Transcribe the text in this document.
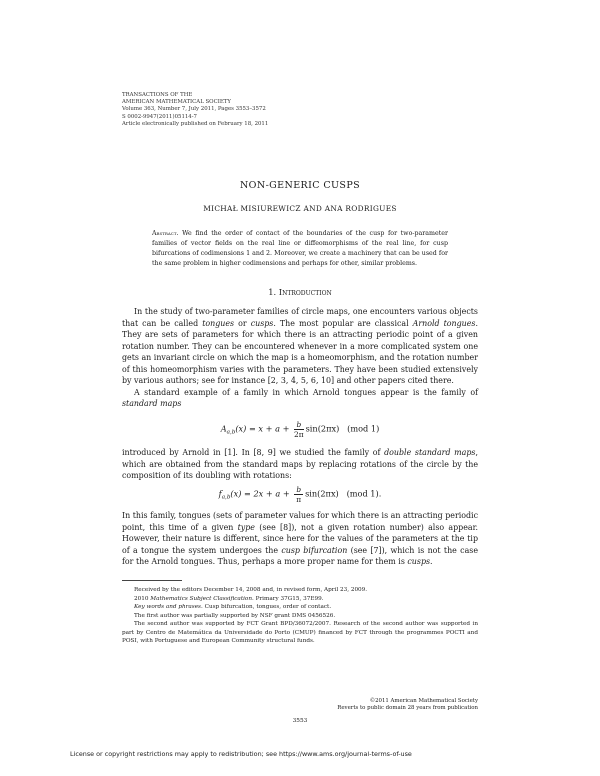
TRANSACTIONS OF THE
AMERICAN MATHEMATICAL SOCIETY
Volume 363, Number 7, July 2011, Pages 3553–3572
S 0002-9947(2011)05114-7
Article electronically published on February 18, 2011
NON-GENERIC CUSPS
MICHAŁ MISIUREWICZ AND ANA RODRIGUES
Abstract. We find the order of contact of the boundaries of the cusp for two-parameter families of vector fields on the real line or diffeomorphisms of the real line, for cusp bifurcations of codimensions 1 and 2. Moreover, we create a machinery that can be used for the same problem in higher codimensions and perhaps for other, similar problems.
1. Introduction

In the study of two-parameter families of circle maps, one encounters various objects that can be called tongues or cusps. The most popular are classical Arnold tongues. They are sets of parameters for which there is an attracting periodic point of a given rotation number. They can be encountered whenever in a more complicated system one gets an invariant circle on which the map is a homeomorphism, and the rotation number of this homeomorphism varies with the parameters. They have been studied extensively by various authors; see for instance [2, 3, 4, 5, 6, 10] and other papers cited there.

A standard example of a family in which Arnold tongues appear is the family of standard maps

$A_{a,b}(x) = x + a + \frac{b}{2\pi} \sin(2\pi x)$ (mod 1)

introduced by Arnold in [1]. In [8, 9] we studied the family of double standard maps, which are obtained from the standard maps by replacing rotations of the circle by the composition of its doubling with rotations:

$f_{a,b}(x) = 2x + a + \frac{b}{\pi} \sin(2\pi x)$ (mod 1).

In this family, tongues (sets of parameter values for which there is an attracting periodic point, this time of a given type (see [8]), not a given rotation number) also appear. However, their nature is different, since here for the values of the parameters at the tip of a tongue the system undergoes the cusp bifurcation (see [7]), which is not the case for the Arnold tongues. Thus, perhaps a more proper name for them is cusps.

Received by the editors December 14, 2008 and, in revised form, April 23, 2009.

2010 Mathematics Subject Classification. Primary 37G15, 37E99.

Key words and phrases. Cusp bifurcation, tongues, order of contact.

The first author was partially supported by NSF grant DMS 0456526.

The second author was supported by FCT Grant BPD/36072/2007. Research of the second author was supported in part by Centro de Matemática da Universidade do Porto (CMUP) financed by FCT through the programmes POCTI and POSI, with Portuguese and European Community structural funds.

©2011 American Mathematical Society
Reverts to public domain 28 years from publication
3553
License or copyright restrictions may apply to redistribution; see https://www.ams.org/journal-terms-of-use
